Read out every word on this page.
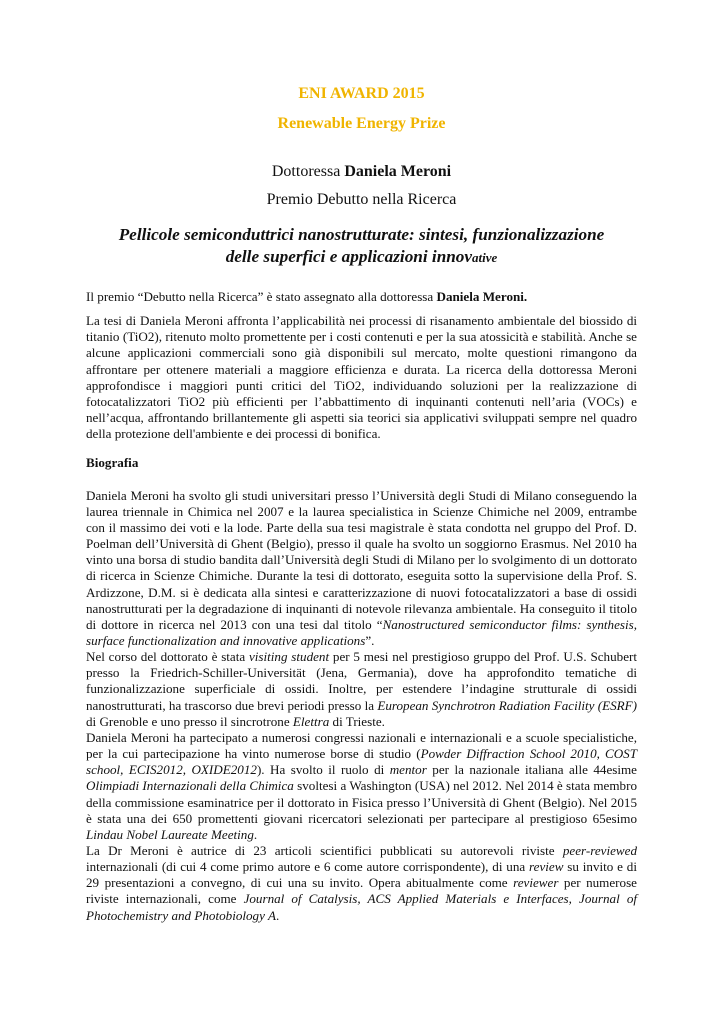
ENI AWARD 2015
Renewable Energy Prize
Dottoressa Daniela Meroni
Premio Debutto nella Ricerca
Pellicole semiconduttrici nanostrutturate: sintesi, funzionalizzazione
delle superfici e applicazioni innovative

Il premio “Debutto nella Ricerca” è stato assegnato alla dottoressa Daniela Meroni.

La tesi di Daniela Meroni affronta l’applicabilità nei processi di risanamento ambientale del biossido di titanio (TiO2), ritenuto molto promettente per i costi contenuti e per la sua atossicità e stabilità. Anche se alcune applicazioni commerciali sono già disponibili sul mercato, molte questioni rimangono da affrontare per ottenere materiali a maggiore efficienza e durata. La ricerca della dottoressa Meroni approfondisce i maggiori punti critici del TiO2, individuando soluzioni per la realizzazione di fotocatalizzatori TiO2 più efficienti per l’abbattimento di inquinanti contenuti nell’aria (VOCs) e nell’acqua, affrontando brillantemente gli aspetti sia teorici sia applicativi sviluppati sempre nel quadro della protezione dell'ambiente e dei processi di bonifica.

Biografia

Daniela Meroni ha svolto gli studi universitari presso l’Università degli Studi di Milano conseguendo la laurea triennale in Chimica nel 2007 e la laurea specialistica in Scienze Chimiche nel 2009, entrambe con il massimo dei voti e la lode. Parte della sua tesi magistrale è stata condotta nel gruppo del Prof. D. Poelman dell’Università di Ghent (Belgio), presso il quale ha svolto un soggiorno Erasmus. Nel 2010 ha vinto una borsa di studio bandita dall’Università degli Studi di Milano per lo svolgimento di un dottorato di ricerca in Scienze Chimiche. Durante la tesi di dottorato, eseguita sotto la supervisione della Prof. S. Ardizzone, D.M. si è dedicata alla sintesi e caratterizzazione di nuovi fotocatalizzatori a base di ossidi nanostrutturati per la degradazione di inquinanti di notevole rilevanza ambientale. Ha conseguito il titolo di dottore in ricerca nel 2013 con una tesi dal titolo “Nanostructured semiconductor films: synthesis, surface functionalization and innovative applications”.

Nel corso del dottorato è stata visiting student per 5 mesi nel prestigioso gruppo del Prof. U.S. Schubert presso la Friedrich-Schiller-Universität (Jena, Germania), dove ha approfondito tematiche di funzionalizzazione superficiale di ossidi. Inoltre, per estendere l’indagine strutturale di ossidi nanostrutturati, ha trascorso due brevi periodi presso la European Synchrotron Radiation Facility (ESRF) di Grenoble e uno presso il sincrotrone Elettra di Trieste.

Daniela Meroni ha partecipato a numerosi congressi nazionali e internazionali e a scuole specialistiche, per la cui partecipazione ha vinto numerose borse di studio (Powder Diffraction School 2010, COST school, ECIS2012, OXIDE2012). Ha svolto il ruolo di mentor per la nazionale italiana alle 44esime Olimpiadi Internazionali della Chimica svoltesi a Washington (USA) nel 2012. Nel 2014 è stata membro della commissione esaminatrice per il dottorato in Fisica presso l’Università di Ghent (Belgio). Nel 2015 è stata una dei 650 promettenti giovani ricercatori selezionati per partecipare al prestigioso 65esimo Lindau Nobel Laureate Meeting.

La Dr Meroni è autrice di 23 articoli scientifici pubblicati su autorevoli riviste peer-reviewed internazionali (di cui 4 come primo autore e 6 come autore corrispondente), di una review su invito e di 29 presentazioni a convegno, di cui una su invito. Opera abitualmente come reviewer per numerose riviste internazionali, come Journal of Catalysis, ACS Applied Materials e Interfaces, Journal of Photochemistry and Photobiology A.
